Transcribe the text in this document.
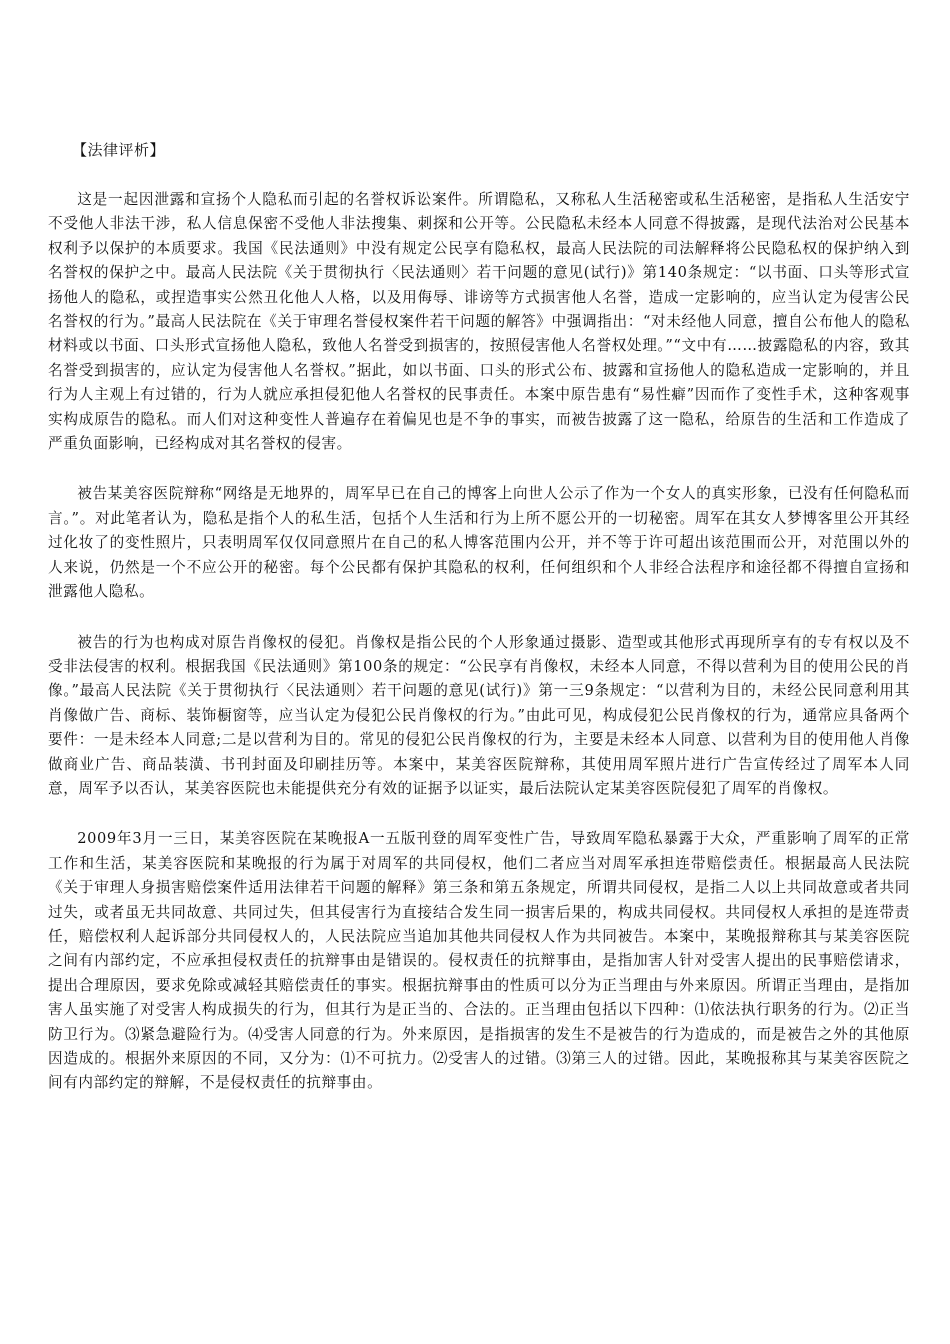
【法律评析】

这是一起因泄露和宣扬个人隐私而引起的名誉权诉讼案件。所谓隐私，又称私人生活秘密或私生活秘密，是指私人生活安宁不受他人非法干涉，私人信息保密不受他人非法搜集、刺探和公开等。公民隐私未经本人同意不得披露，是现代法治对公民基本权利予以保护的本质要求。我国《民法通则》中没有规定公民享有隐私权，最高人民法院的司法解释将公民隐私权的保护纳入到名誉权的保护之中。最高人民法院《关于贯彻执行〈民法通则〉若干问题的意见(试行)》第140条规定：“以书面、口头等形式宣扬他人的隐私，或捏造事实公然丑化他人人格，以及用侮辱、诽谤等方式损害他人名誉，造成一定影响的，应当认定为侵害公民名誉权的行为。”最高人民法院在《关于审理名誉侵权案件若干问题的解答》中强调指出：“对未经他人同意，擅自公布他人的隐私材料或以书面、口头形式宣扬他人隐私，致他人名誉受到损害的，按照侵害他人名誉权处理。”“文中有……披露隐私的内容，致其名誉受到损害的，应认定为侵害他人名誉权。”据此，如以书面、口头的形式公布、披露和宣扬他人的隐私造成一定影响的，并且行为人主观上有过错的，行为人就应承担侵犯他人名誉权的民事责任。本案中原告患有“易性癖”因而作了变性手术，这种客观事实构成原告的隐私。而人们对这种变性人普遍存在着偏见也是不争的事实，而被告披露了这一隐私，给原告的生活和工作造成了严重负面影响，已经构成对其名誉权的侵害。

被告某美容医院辩称“网络是无地界的，周军早已在自己的博客上向世人公示了作为一个女人的真实形象，已没有任何隐私而言。”。对此笔者认为，隐私是指个人的私生活，包括个人生活和行为上所不愿公开的一切秘密。周军在其女人梦博客里公开其经过化妆了的变性照片，只表明周军仅仅同意照片在自己的私人博客范围内公开，并不等于许可超出该范围而公开，对范围以外的人来说，仍然是一个不应公开的秘密。每个公民都有保护其隐私的权利，任何组织和个人非经合法程序和途径都不得擅自宣扬和泄露他人隐私。

被告的行为也构成对原告肖像权的侵犯。肖像权是指公民的个人形象通过摄影、造型或其他形式再现所享有的专有权以及不受非法侵害的权利。根据我国《民法通则》第100条的规定：“公民享有肖像权，未经本人同意，不得以营利为目的使用公民的肖像。”最高人民法院《关于贯彻执行〈民法通则〉若干问题的意见(试行)》第一三9条规定：“以营利为目的，未经公民同意利用其肖像做广告、商标、装饰橱窗等，应当认定为侵犯公民肖像权的行为。”由此可见，构成侵犯公民肖像权的行为，通常应具备两个要件：一是未经本人同意;二是以营利为目的。常见的侵犯公民肖像权的行为，主要是未经本人同意、以营利为目的使用他人肖像做商业广告、商品装潢、书刊封面及印刷挂历等。本案中，某美容医院辩称，其使用周军照片进行广告宣传经过了周军本人同意，周军予以否认，某美容医院也未能提供充分有效的证据予以证实，最后法院认定某美容医院侵犯了周军的肖像权。

2009年3月一三日，某美容医院在某晚报A一五版刊登的周军变性广告，导致周军隐私暴露于大众，严重影响了周军的正常工作和生活，某美容医院和某晚报的行为属于对周军的共同侵权，他们二者应当对周军承担连带赔偿责任。根据最高人民法院《关于审理人身损害赔偿案件适用法律若干问题的解释》第三条和第五条规定，所谓共同侵权，是指二人以上共同故意或者共同过失，或者虽无共同故意、共同过失，但其侵害行为直接结合发生同一损害后果的，构成共同侵权。共同侵权人承担的是连带责任，赔偿权利人起诉部分共同侵权人的，人民法院应当追加其他共同侵权人作为共同被告。本案中，某晚报辩称其与某美容医院之间有内部约定，不应承担侵权责任的抗辩事由是错误的。侵权责任的抗辩事由，是指加害人针对受害人提出的民事赔偿请求，提出合理原因，要求免除或减轻其赔偿责任的事实。根据抗辩事由的性质可以分为正当理由与外来原因。所谓正当理由，是指加害人虽实施了对受害人构成损失的行为，但其行为是正当的、合法的。正当理由包括以下四种：⑴依法执行职务的行为。⑵正当防卫行为。⑶紧急避险行为。⑷受害人同意的行为。外来原因，是指损害的发生不是被告的行为造成的，而是被告之外的其他原因造成的。根据外来原因的不同，又分为：⑴不可抗力。⑵受害人的过错。⑶第三人的过错。因此，某晚报称其与某美容医院之间有内部约定的辩解，不是侵权责任的抗辩事由。
